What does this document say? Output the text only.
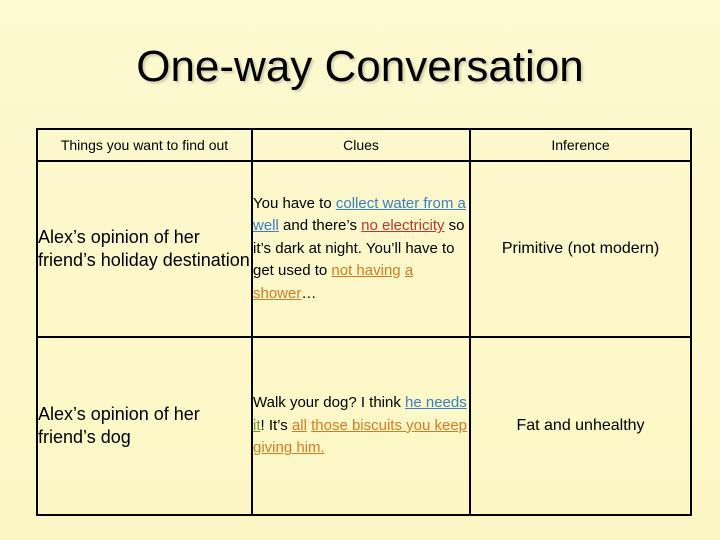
One-way Conversation
Things you want to find out	Clues	Inference
Alex’s opinion of her friend’s holiday destination	You have to collect water from a well and there’s no electricity so it’s dark at night. You’ll have to get used to not having a shower…	Primitive (not modern)
Alex’s opinion of her friend’s dog	Walk your dog? I think he needs it! It’s all those biscuits you keep giving him.	Fat and unhealthy
